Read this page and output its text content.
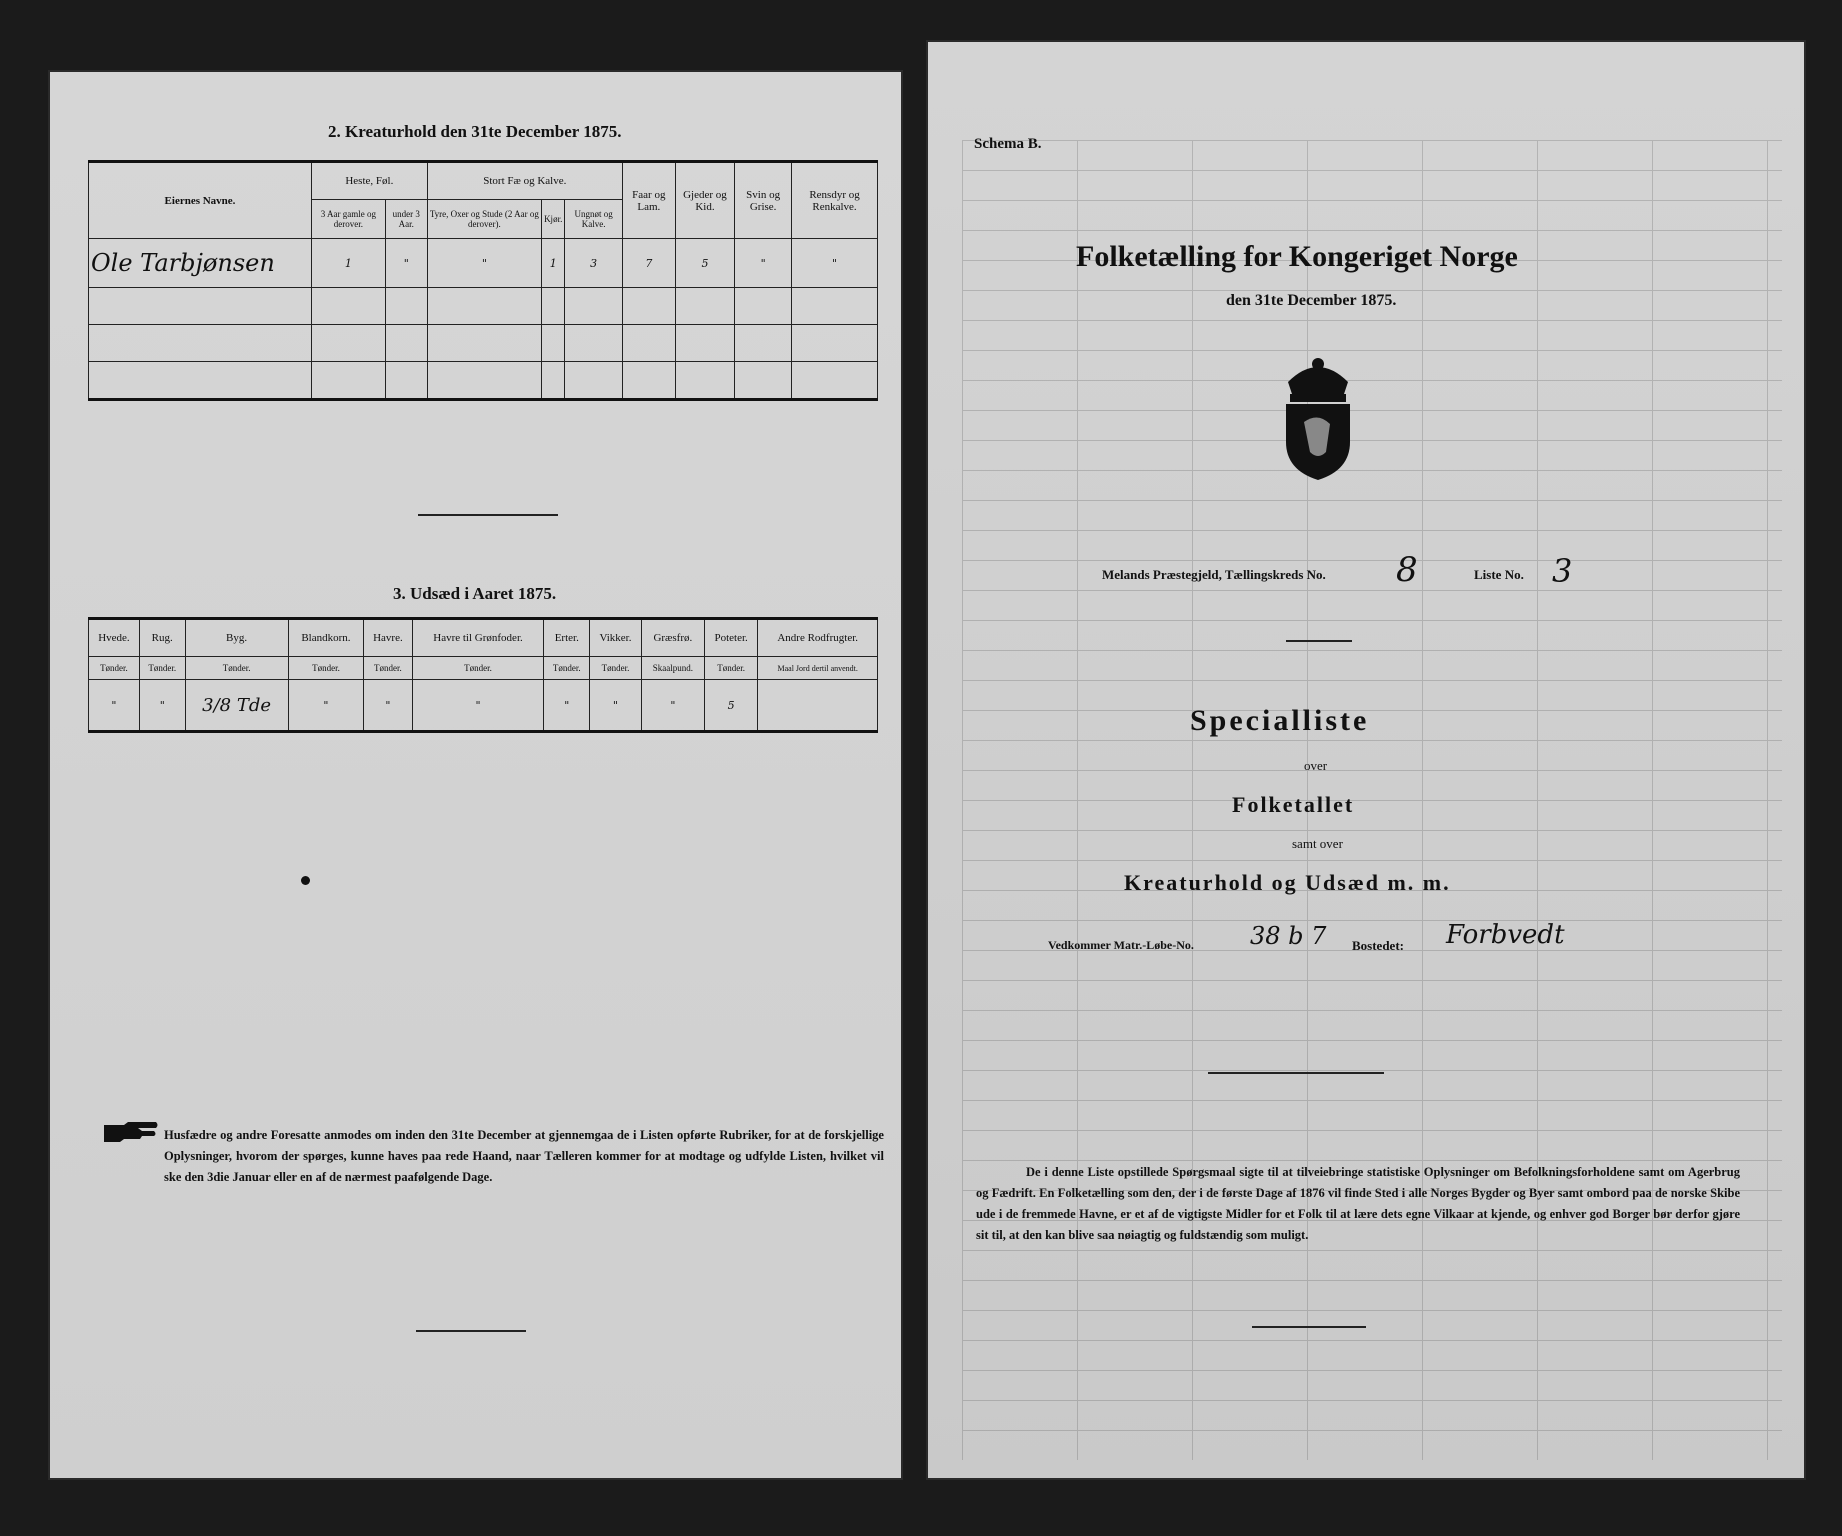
2. Kreaturhold den 31te December 1875.
Eiernes Navne.	Heste, Føl.		Stort Fæ og Kalve.			Faar og Lam.	Gjeder og Kid.	Svin og Grise.	Rensdyr og Renkalve.
	3 Aar gamle og derover.	under 3 Aar.	Tyre, Oxer og Stude (2 Aar og derover).	Kjør.	Ungnøt og Kalve.				
Ole Tarbjønsen	1	"	"	1	3	7	5	"	"

3. Udsæd i Aaret 1875.
Hvede.	Rug.	Byg.	Blandkorn.	Havre.	Havre til Grønfoder.	Erter.	Vikker.	Græsfrø.	Poteter.	Andre Rodfrugter.
Tønder.	Tønder.	Tønder.	Tønder.	Tønder.	Tønder.	Tønder.	Tønder.	Skaalpund.	Tønder.	Maal Jord dertil anvendt.
"	"	3/8 Tde	"	"	"	"	"	"	5	
Husfædre og andre Foresatte anmodes om inden den 31te December at gjennemgaa de i Listen opførte Rubriker, for at de forskjellige Oplysninger, hvorom der spørges, kunne haves paa rede Haand, naar Tælleren kommer for at modtage og udfylde Listen, hvilket vil ske den 3die Januar eller en af de nærmest paafølgende Dage.
Schema B.
Folketælling for Kongeriget Norge
den 31te December 1875.
Melands Præstegjeld, Tællingskreds No. 8	Liste No. 3
Specialliste
over
Folketallet
samt over
Kreaturhold og Udsæd m. m.
Vedkommer Matr.-Løbe-No. 38 b 7 Bostedet: Forbvedt
De i denne Liste opstillede Spørgsmaal sigte til at tilveiebringe statistiske Oplysninger om Befolkningsforholdene samt om Agerbrug og Fædrift. En Folketælling som den, der i de første Dage af 1876 vil finde Sted i alle Norges Bygder og Byer samt ombord paa de norske Skibe ude i de fremmede Havne, er et af de vigtigste Midler for et Folk til at lære dets egne Vilkaar at kjende, og enhver god Borger bør derfor gjøre sit til, at den kan blive saa nøiagtig og fuldstændig som muligt.
